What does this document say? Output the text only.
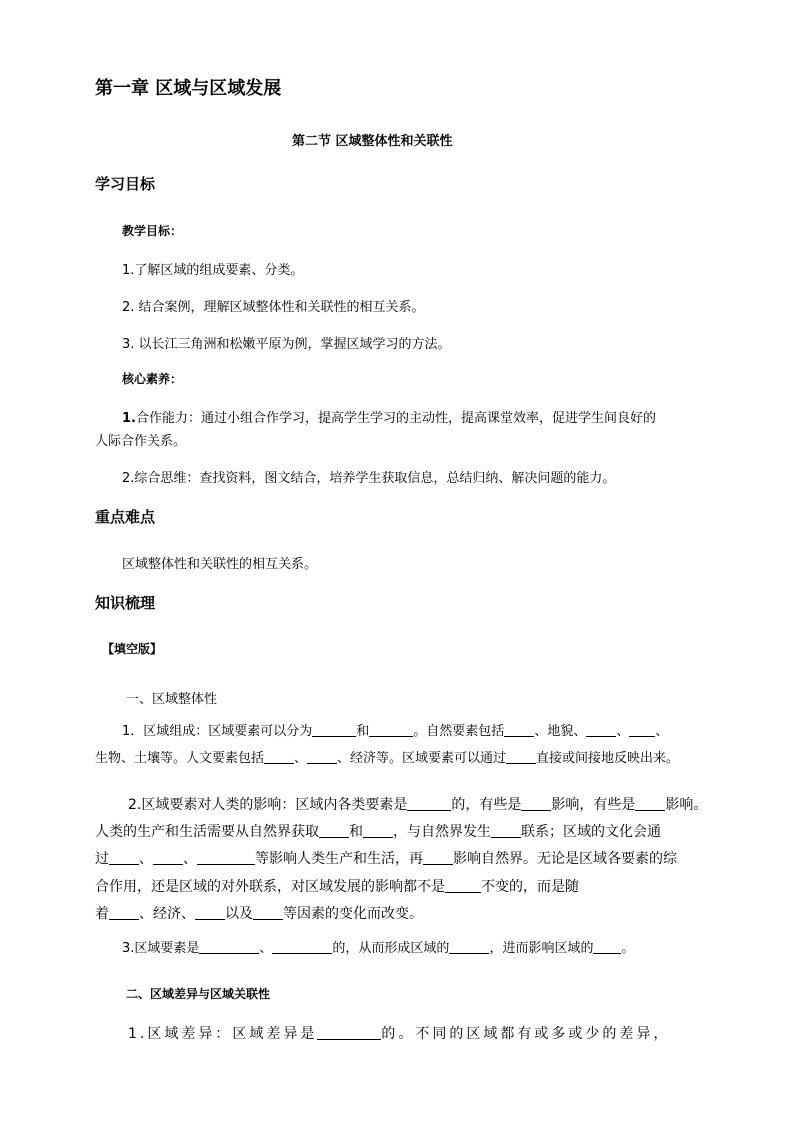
第一章 区域与区域发展
第二节 区域整体性和关联性
学习目标
教学目标：
1.了解区域的组成要素、分类。
2. 结合案例，理解区域整体性和关联性的相互关系。
3. 以长江三角洲和松嫩平原为例，掌握区域学习的方法。
核心素养：
1.合作能力：通过小组合作学习，提高学生学习的主动性，提高课堂效率，促进学生间良好的
人际合作关系。
2.综合思维：查找资料，图文结合，培养学生获取信息，总结归纳、解决问题的能力。
重点难点
区域整体性和关联性的相互关系。
知识梳理
【填空版】
一、区域整体性
1．区域组成：区域要素可以分为	和	。自然要素包括 、地貌、 、 、
生物、土壤等。人文要素包括 、 、经济等。区域要素可以通过 直接或间接地反映出来。
2.区域要素对人类的影响：区域内各类要素是	的，有些是 影响，有些是 影响。
人类的生产和生活需要从自然界获取 和 ，与自然界发生 联系；区域的文化会通
过 、 、	等影响人类生产和生活，再 影响自然界。无论是区域各要素的综
合作用，还是区域的对外联系，对区域发展的影响都不是	不变的，而是随
着 、经济、 以及 等因素的变化而改变。
3.区域要素是	、	的，从而形成区域的	，进而影响区域的 。
二、区域差异与区域关联性
1.区域差异：区域差异是	的。不同的区域都有或多或少的差异，
